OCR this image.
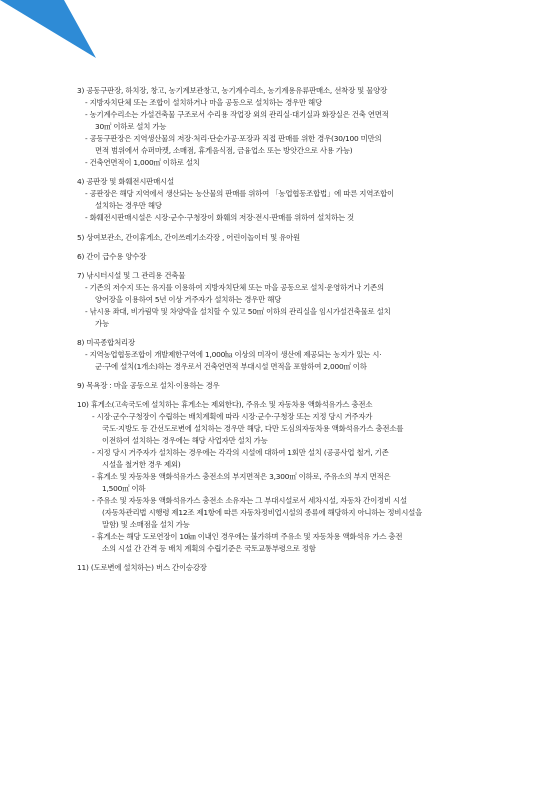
3) 공동구판장, 하치장, 창고, 농기계보관창고, 농기계수리소, 농기계용유류판매소, 선착장 및 물양장
- 지방자치단체 또는 조합이 설치하거나 마을 공동으로 설치하는 경우만 해당
- 농기계수리소는 가설건축물 구조로서 수리용 작업장 외의 관리실·대기실과 화장실은 건축 연면적
30㎡ 이하로 설치 가능
- 공동구판장은 지역생산물의 저장·처리·단순가공·포장과 직접 판매를 위한 경우(30/100 미만의
면적 범위에서 슈퍼마켓, 소매점, 휴게음식점, 금융업소 또는 방앗간으로 사용 가능)
- 건축연면적이 1,000㎡ 이하로 설치
4) 공판장 및 화훼전시판매시설
- 공판장은 해당 지역에서 생산되는 농산물의 판매를 위하여 「농업협동조합법」에 따른 지역조합이
설치하는 경우만 해당
- 화훼전시판매시설은 시장·군수·구청장이 화훼의 저장·전시·판매를 위하여 설치하는 것
5) 상여보관소, 간이휴게소, 간이쓰레기소각장 , 어린이놀이터 및 유아원
6) 간이 급수용 양수장
7) 낚시터시설 및 그 관리용 건축물
- 기존의 저수지 또는 유지를 이용하여 지방자치단체 또는 마을 공동으로 설치·운영하거나 기존의
양어장을 이용하여 5년 이상 거주자가 설치하는 경우만 해당
- 낚시용 좌대, 비가림막 및 차양막을 설치할 수 있고 50㎡ 이하의 관리실을 임시가설건축물로 설치
가능
8) 미곡종합처리장
- 지역농업협동조합이 개발제한구역에 1,000㏊ 이상의 미작이 생산에 제공되는 농지가 있는 시·
군·구에 설치(1개소)하는 경우로서 건축연면적 부대시설 면적을 포함하여 2,000㎡ 이하
9) 목욕장 : 마을 공동으로 설치·이용하는 경우
10) 휴게소(고속국도에 설치하는 휴게소는 제외한다), 주유소 및 자동차용 액화석유가스 충전소
- 시장·군수·구청장이 수립하는 배치계획에 따라 시장·군수·구청장 또는 지정 당시 거주자가
국도·지방도 등 간선도로변에 설치하는 경우만 해당, 다만 도심의자동차용 액화석유가스 충전소를
이전하여 설치하는 경우에는 해당 사업자만 설치 가능
- 지정 당시 거주자가 설치하는 경우에는 각각의 시설에 대하여 1회만 설치 (공공사업 철거, 기존
시설을 철거한 경우 제외)
- 휴게소 및 자동차용 액화석유가스 충전소의 부지면적은 3,300㎡ 이하로, 주유소의 부지 면적은
1,500㎡ 이하
- 주유소 및 자동차용 액화석유가스 충전소 소유자는 그 부대시설로서 세차시설, 자동차 간이정비 시설
(자동차관리법 시행령 제12조 제1항에 따른 자동차정비업시설의 종류에 해당하지 아니하는 정비시설을
말함) 및 소매점을 설치 가능
- 휴게소는 해당 도로연장이 10㎞ 이내인 경우에는 불가하며 주유소 및 자동차용 액화석유 가스 충전
소의 시설 간 간격 등 배치 계획의 수립기준은 국토교통부령으로 정함
11) (도로변에 설치하는) 버스 간이승강장
